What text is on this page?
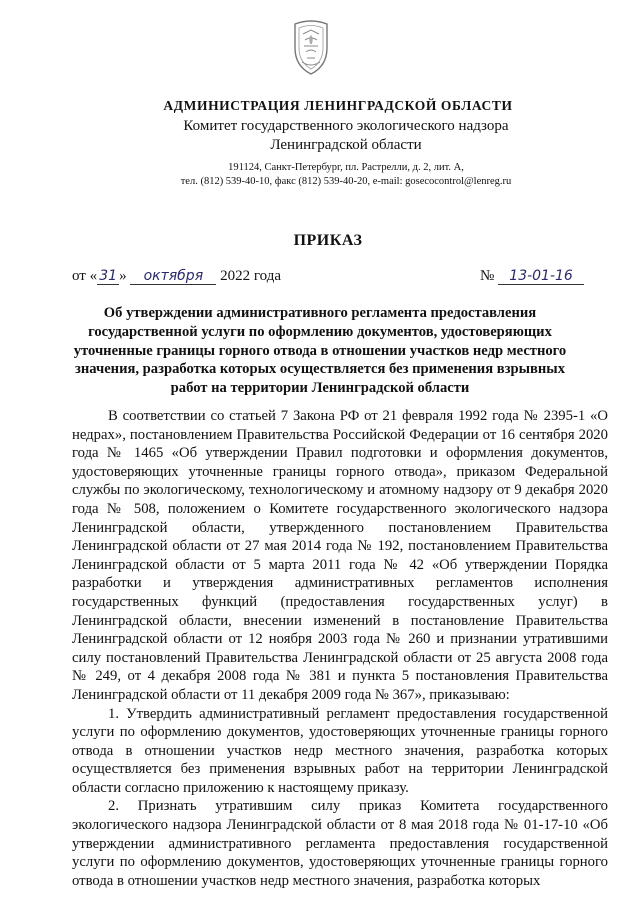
АДМИНИСТРАЦИЯ ЛЕНИНГРАДСКОЙ ОБЛАСТИ
Комитет государственного экологического надзора
Ленинградской области
191124, Санкт-Петербург, пл. Растрелли, д. 2, лит. А,
тел. (812) 539-40-10, факс (812) 539-40-20, e-mail: gosecocontrol@lenreg.ru
ПРИКАЗ
от « 31 » октября 2022 года	№ 13-01-16
Об утверждении административного регламента предоставления государственной услуги по оформлению документов, удостоверяющих уточненные границы горного отвода в отношении участков недр местного значения, разработка которых осуществляется без применения взрывных работ на территории Ленинградской области

В соответствии со статьей 7 Закона РФ от 21 февраля 1992 года № 2395-1 «О недрах», постановлением Правительства Российской Федерации от 16 сентября 2020 года № 1465 «Об утверждении Правил подготовки и оформления документов, удостоверяющих уточненные границы горного отвода», приказом Федеральной службы по экологическому, технологическому и атомному надзору от 9 декабря 2020 года № 508, положением о Комитете государственного экологического надзора Ленинградской области, утвержденного постановлением Правительства Ленинградской области от 27 мая 2014 года № 192, постановлением Правительства Ленинградской области от 5 марта 2011 года № 42 «Об утверждении Порядка разработки и утверждения административных регламентов исполнения государственных функций (предоставления государственных услуг) в Ленинградской области, внесении изменений в постановление Правительства Ленинградской области от 12 ноября 2003 года № 260 и признании утратившими силу постановлений Правительства Ленинградской области от 25 августа 2008 года № 249, от 4 декабря 2008 года № 381 и пункта 5 постановления Правительства Ленинградской области от 11 декабря 2009 года № 367», приказываю:

1. Утвердить административный регламент предоставления государственной услуги по оформлению документов, удостоверяющих уточненные границы горного отвода в отношении участков недр местного значения, разработка которых осуществляется без применения взрывных работ на территории Ленинградской области согласно приложению к настоящему приказу.

2. Признать утратившим силу приказ Комитета государственного экологического надзора Ленинградской области от 8 мая 2018 года № 01-17-10 «Об утверждении административного регламента предоставления государственной услуги по оформлению документов, удостоверяющих уточненные границы горного отвода в отношении участков недр местного значения, разработка которых
